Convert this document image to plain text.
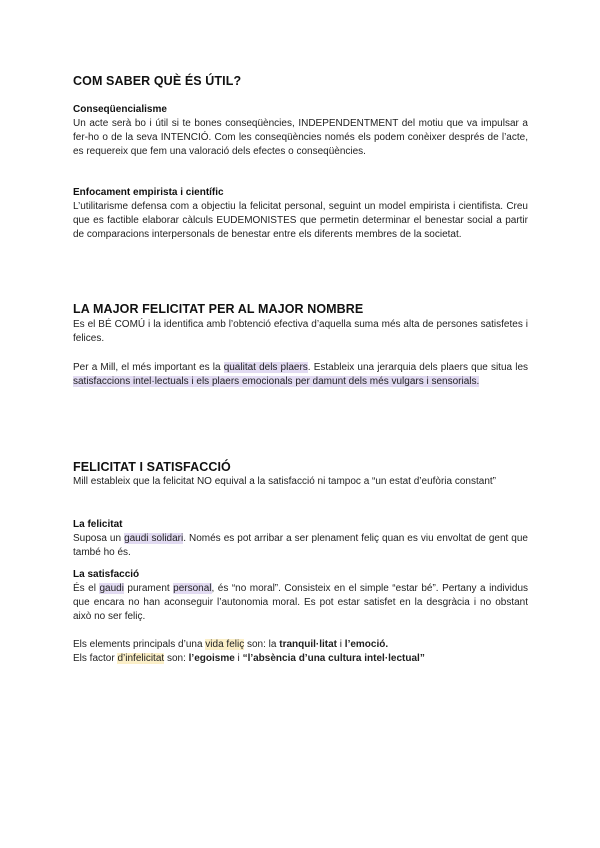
COM SABER QUÈ ÉS ÚTIL?
Conseqüencialisme

Un acte serà bo i útil si te bones conseqüències, INDEPENDENTMENT del motiu que va impulsar a fer-ho o de la seva INTENCIÓ. Com les conseqüències només els podem conèixer després de l’acte, es requereix que fem una valoració dels efectes o conseqüències.

Enfocament empirista i científic

L’utilitarisme defensa com a objectiu la felicitat personal, seguint un model empirista i cientifista. Creu que es factible elaborar càlculs EUDEMONISTES que permetin determinar el benestar social a partir de comparacions interpersonals de benestar entre els diferents membres de la societat.

LA MAJOR FELICITAT PER AL MAJOR NOMBRE

Es el BÉ COMÚ i la identifica amb l’obtenció efectiva d’aquella suma més alta de persones satisfetes i felices.

Per a Mill, el més important es la qualitat dels plaers. Estableix una jerarquia dels plaers que situa les satisfaccions intel·lectuals i els plaers emocionals per damunt dels més vulgars i sensorials.

FELICITAT I SATISFACCIÓ

Mill estableix que la felicitat NO equival a la satisfacció ni tampoc a “un estat d’eufòria constant”

La felicitat

Suposa un gaudi solidari. Només es pot arribar a ser plenament feliç quan es viu envoltat de gent que també ho és.

La satisfacció

És el gaudi purament personal, és “no moral”. Consisteix en el simple “estar bé”. Pertany a individus que encara no han aconseguir l’autonomia moral. Es pot estar satisfet en la desgràcia i no obstant això no ser feliç.

Els elements principals d’una vida feliç son: la tranquil·litat i l’emoció.

Els factor d’infelicitat son: l’egoisme i “l’absència d’una cultura intel·lectual”
